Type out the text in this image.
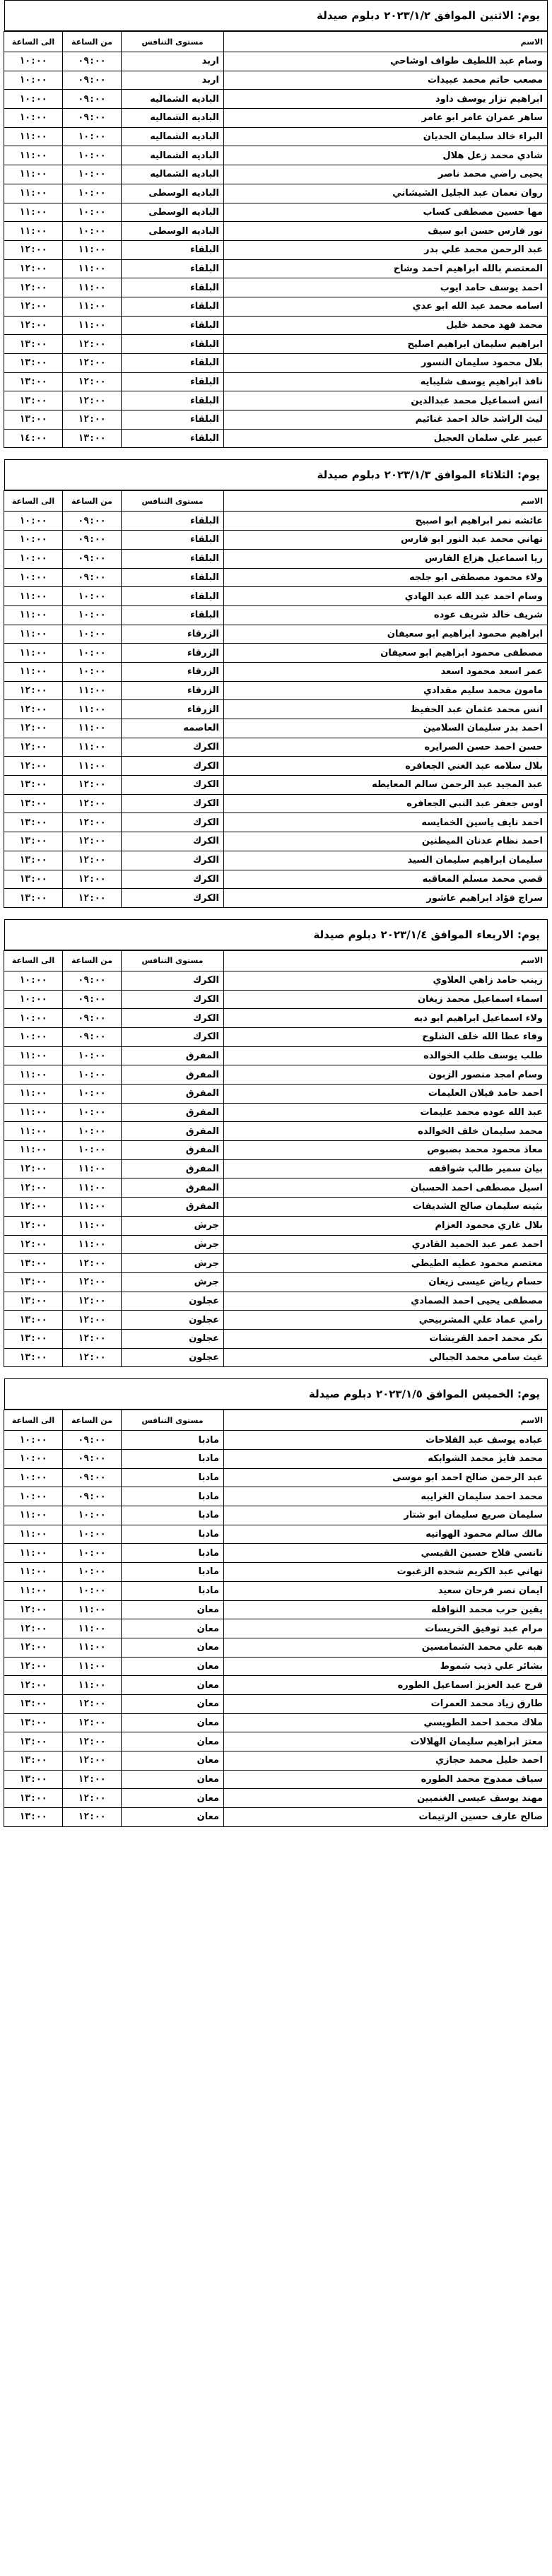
يوم: الاثنين
الموافق ٢٠٢٣/١/٢
دبلوم صيدلة
الاسم	مستوى التنافس	من الساعة	الى الساعة
وسام عبد اللطيف طواف اوشاحي	اربد	٠٩:٠٠	١٠:٠٠
مصعب حاتم محمد عبيدات	اربد	٠٩:٠٠	١٠:٠٠
ابراهيم نزار يوسف داود	الباديه الشماليه	٠٩:٠٠	١٠:٠٠
ساهر عمران عامر ابو عامر	الباديه الشماليه	٠٩:٠٠	١٠:٠٠
البراء خالد سليمان الحديان	الباديه الشماليه	١٠:٠٠	١١:٠٠
شادي محمد زعل هلال	الباديه الشماليه	١٠:٠٠	١١:٠٠
يحيى راضي محمد ناصر	الباديه الشماليه	١٠:٠٠	١١:٠٠
روان نعمان عبد الجليل الشيشاني	الباديه الوسطى	١٠:٠٠	١١:٠٠
مها حسين مصطفى كساب	الباديه الوسطى	١٠:٠٠	١١:٠٠
نور فارس حسن ابو سيف	الباديه الوسطى	١٠:٠٠	١١:٠٠
عبد الرحمن محمد علي بدر	البلقاء	١١:٠٠	١٢:٠٠
المعتصم بالله ابراهيم احمد وشاح	البلقاء	١١:٠٠	١٢:٠٠
احمد يوسف حامد ايوب	البلقاء	١١:٠٠	١٢:٠٠
اسامه محمد عبد الله ابو عدي	البلقاء	١١:٠٠	١٢:٠٠
محمد فهد محمد خليل	البلقاء	١١:٠٠	١٢:٠٠
ابراهيم سليمان ابراهيم اصليح	البلقاء	١٢:٠٠	١٣:٠٠
بلال محمود سليمان النسور	البلقاء	١٢:٠٠	١٣:٠٠
نافذ ابراهيم يوسف شليبايه	البلقاء	١٢:٠٠	١٣:٠٠
انس اسماعيل محمد عبدالدين	البلقاء	١٢:٠٠	١٣:٠٠
ليث الراشد خالد احمد غنائيم	البلقاء	١٢:٠٠	١٣:٠٠
عبير علي سلمان العجيل	البلقاء	١٣:٠٠	١٤:٠٠
يوم: الثلاثاء
الموافق ٢٠٢٣/١/٣
دبلوم صيدلة
الاسم	مستوى التنافس	من الساعة	الى الساعة
عائشه نمر ابراهيم ابو اصبيح	البلقاء	٠٩:٠٠	١٠:٠٠
تهاني محمد عبد النور ابو فارس	البلقاء	٠٩:٠٠	١٠:٠٠
ريا اسماعيل هزاع الفارس	البلقاء	٠٩:٠٠	١٠:٠٠
ولاء محمود مصطفى ابو جلجه	البلقاء	٠٩:٠٠	١٠:٠٠
وسام احمد عبد الله عبد الهادي	البلقاء	١٠:٠٠	١١:٠٠
شريف خالد شريف عوده	البلقاء	١٠:٠٠	١١:٠٠
ابراهيم محمود ابراهيم ابو سعيفان	الزرقاء	١٠:٠٠	١١:٠٠
مصطفى محمود ابراهيم ابو سعيفان	الزرقاء	١٠:٠٠	١١:٠٠
عمر اسعد محمود اسعد	الزرقاء	١٠:٠٠	١١:٠٠
مامون محمد سليم مقدادي	الزرقاء	١١:٠٠	١٢:٠٠
انس محمد عثمان عبد الحفيظ	الزرقاء	١١:٠٠	١٢:٠٠
احمد بدر سليمان السلامين	العاصمه	١١:٠٠	١٢:٠٠
حسن احمد حسن الصرايره	الكرك	١١:٠٠	١٢:٠٠
بلال سلامه عبد الغني الجعافره	الكرك	١١:٠٠	١٢:٠٠
عبد المجيد عبد الرحمن سالم المعايطه	الكرك	١٢:٠٠	١٣:٠٠
اوس جعفر عبد النبي الجعافره	الكرك	١٢:٠٠	١٣:٠٠
احمد نايف ياسين الخمايسه	الكرك	١٢:٠٠	١٣:٠٠
احمد نظام عدنان الميطنين	الكرك	١٢:٠٠	١٣:٠٠
سليمان ابراهيم سليمان السيد	الكرك	١٢:٠٠	١٣:٠٠
قصي محمد مسلم المعاقبه	الكرك	١٢:٠٠	١٣:٠٠
سراج فؤاد ابراهيم عاشور	الكرك	١٢:٠٠	١٣:٠٠
يوم: الاربعاء
الموافق ٢٠٢٣/١/٤
دبلوم صيدلة
الاسم	مستوى التنافس	من الساعة	الى الساعة
زينب حامد زاهي العلاوي	الكرك	٠٩:٠٠	١٠:٠٠
اسماء اسماعيل محمد زيغان	الكرك	٠٩:٠٠	١٠:٠٠
ولاء اسماعيل ابراهيم ابو ديه	الكرك	٠٩:٠٠	١٠:٠٠
وفاء عطا الله خلف الشلوح	الكرك	٠٩:٠٠	١٠:٠٠
طلب يوسف طلب الخوالده	المفرق	١٠:٠٠	١١:٠٠
وسام امجد منصور الزبون	المفرق	١٠:٠٠	١١:٠٠
احمد حامد فيلان العليمات	المفرق	١٠:٠٠	١١:٠٠
عبد الله عوده محمد عليمات	المفرق	١٠:٠٠	١١:٠٠
محمد سليمان خلف الخوالده	المفرق	١٠:٠٠	١١:٠٠
معاذ محمود محمد بصبوص	المفرق	١٠:٠٠	١١:٠٠
بيان سمير طالب شواقفه	المفرق	١١:٠٠	١٢:٠٠
اسيل مصطفى احمد الحسبان	المفرق	١١:٠٠	١٢:٠٠
بثينه سليمان صالح الشديفات	المفرق	١١:٠٠	١٢:٠٠
بلال غازي محمود العزام	جرش	١١:٠٠	١٢:٠٠
احمد عمر عبد الحميد القادري	جرش	١١:٠٠	١٢:٠٠
معتصم محمود عطيه الطيطي	جرش	١٢:٠٠	١٣:٠٠
حسام رياض عيسى زيغان	جرش	١٢:٠٠	١٣:٠٠
مصطفى يحيى احمد الصمادي	عجلون	١٢:٠٠	١٣:٠٠
رامي عماد علي المشربيحي	عجلون	١٢:٠٠	١٣:٠٠
بكر محمد احمد القريشات	عجلون	١٢:٠٠	١٣:٠٠
غيث سامي محمد الجبالي	عجلون	١٢:٠٠	١٣:٠٠
يوم: الخميس
الموافق ٢٠٢٣/١/٥
دبلوم صيدلة
الاسم	مستوى التنافس	من الساعة	الى الساعة
عباده يوسف عبد الفلاحات	مادبا	٠٩:٠٠	١٠:٠٠
محمد فايز محمد الشوابكه	مادبا	٠٩:٠٠	١٠:٠٠
عبد الرحمن صالح احمد ابو موسى	مادبا	٠٩:٠٠	١٠:٠٠
محمد احمد سليمان الغرايبه	مادبا	٠٩:٠٠	١٠:٠٠
سليمان صريع سليمان ابو شتار	مادبا	١٠:٠٠	١١:٠٠
مالك سالم محمود الهواتيه	مادبا	١٠:٠٠	١١:٠٠
نانسي فلاح حسين القيسي	مادبا	١٠:٠٠	١١:٠٠
تهاني عبد الكريم شحده الزغبوت	مادبا	١٠:٠٠	١١:٠٠
ايمان نصر فرحان سعيد	مادبا	١٠:٠٠	١١:٠٠
يقين حرب محمد النوافله	معان	١١:٠٠	١٢:٠٠
مرام عبد توفيق الخريسات	معان	١١:٠٠	١٢:٠٠
هبه علي محمد الشمامسين	معان	١١:٠٠	١٢:٠٠
بشائر علي ذيب شموط	معان	١١:٠٠	١٢:٠٠
فرح عبد العزيز اسماعيل الطوره	معان	١١:٠٠	١٢:٠٠
طارق زياد محمد العمرات	معان	١٢:٠٠	١٣:٠٠
ملاك محمد احمد الطويسي	معان	١٢:٠٠	١٣:٠٠
معتز ابراهيم سليمان الهلالات	معان	١٢:٠٠	١٣:٠٠
احمد خليل محمد حجازي	معان	١٢:٠٠	١٣:٠٠
سياف ممدوح محمد الطوره	معان	١٢:٠٠	١٣:٠٠
مهند يوسف عيسى الغنميين	معان	١٢:٠٠	١٣:٠٠
صالح عارف حسين الرتيمات	معان	١٢:٠٠	١٣:٠٠
